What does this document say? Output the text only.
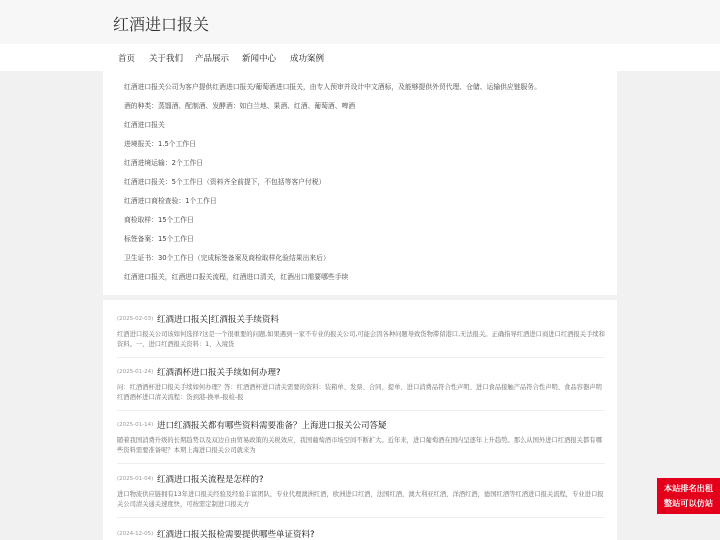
红酒进口报关
首页 关于我们 产品展示 新闻中心 成功案例

红酒进口报关公司为客户提供红酒进口报关/葡萄酒进口报关，由专人预审并设计中文酒标，及能够提供外贸代理、仓储、运输供应链服务。

酒的种类：蒸馏酒、配制酒、发酵酒：如白兰地、果酒、红酒、葡萄酒、啤酒

红酒进口报关

进境报关：1.5个工作日

红酒进境运输：2个工作日

红酒进口报关：5个工作日（资料齐全前提下，不包括等客户付税）

红酒进口商检查验：1个工作日

商检取样：15个工作日

标签备案：15个工作日

卫生证书：30个工作日（完成标签备案及商检取样化验结果出来后）

红酒进口报关，红酒进口报关流程，红酒进口清关，红酒出口需要哪些手续

(2025-02-03) 红酒进口报关|红酒报关手续资料

红酒进口报关公司该如何选择?这是一个很重要的问题,如果遇到一家不专业的报关公司,可能会因各种问题导致货物滞留港口,无法报关。正确指导红酒进口商进口红酒报关手续和资料。一、进口红酒报关资料：1、入境货

(2025-01-24) 红酒酒杯进口报关手续如何办理?

问：红酒酒杯进口报关手续如何办理？答：红酒酒杯进口清关需要的资料：装箱单、发票、合同、提单、进口消费品符合性声明、进口食品接触产品符合性声明、食品容器声明红酒酒杯进口清关流程：货到港-换单-报检-报

(2025-01-14) 进口红酒报关都有哪些资料需要准备？上海进口报关公司答疑

随着我国消费升级的长期趋势以及双边自由贸易政策的关税效应，我国葡萄酒市场空间不断扩大。近年来，进口葡萄酒在国内呈逐年上升趋势。那么从国外进口红酒报关都有哪些资料需要准备呢？本期上海进口报关公司就来为

(2025-01-04) 红酒进口报关流程是怎样的?

进口物流供应链拥有13年进口报关经验及经验丰富团队，专业代理澳洲红酒，欧洲进口红酒，法国红酒，澳大利亚红酒，洋酒红酒，德国红酒等红酒进口报关流程，专业进口报关公司清关通关速度快，可按需定制进口报关方

(2024-12-05) 红酒进口报关报检需要提供哪些单证资料?
本站排名出租
整站可以仿站
